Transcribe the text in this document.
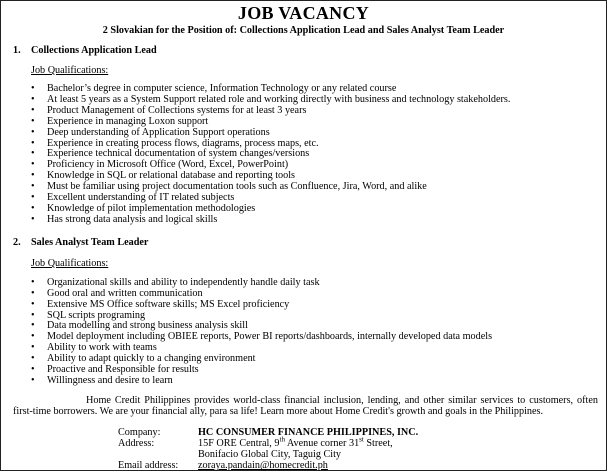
JOB VACANCY
2 Slovakian for the Position of: Collections Application Lead and Sales Analyst Team Leader
1.	Collections Application Lead
Job Qualifications:
• Bachelor’s degree in computer science, Information Technology or any related course
• At least 5 years as a System Support related role and working directly with business and technology stakeholders.
• Product Management of Collections systems for at least 3 years
• Experience in managing Loxon support
• Deep understanding of Application Support operations
• Experience in creating process flows, diagrams, process maps, etc.
• Experience technical documentation of system changes/versions
• Proficiency in Microsoft Office (Word, Excel, PowerPoint)
• Knowledge in SQL or relational database and reporting tools
• Must be familiar using project documentation tools such as Confluence, Jira, Word, and alike
• Excellent understanding of IT related subjects
• Knowledge of pilot implementation methodologies
• Has strong data analysis and logical skills
2.	Sales Analyst Team Leader
Job Qualifications:
• Organizational skills and ability to independently handle daily task
• Good oral and written communication
• Extensive MS Office software skills; MS Excel proficiency
• SQL scripts programing
• Data modelling and strong business analysis skill
• Model deployment including OBIEE reports, Power BI reports/dashboards, internally developed data models
• Ability to work with teams
• Ability to adapt quickly to a changing environment
• Proactive and Responsible for results
• Willingness and desire to learn
Home Credit Philippines provides world-class financial inclusion, lending, and other similar services to customers, often first-time borrowers. We are your financial ally, para sa life! Learn more about Home Credit's growth and goals in the Philippines.
Company:	HC CONSUMER FINANCE PHILIPPINES, INC.
Address:	15F ORE Central, 9th Avenue corner 31st Street,
Bonifacio Global City, Taguig City
Email address:	zoraya.pandain@homecredit.ph
